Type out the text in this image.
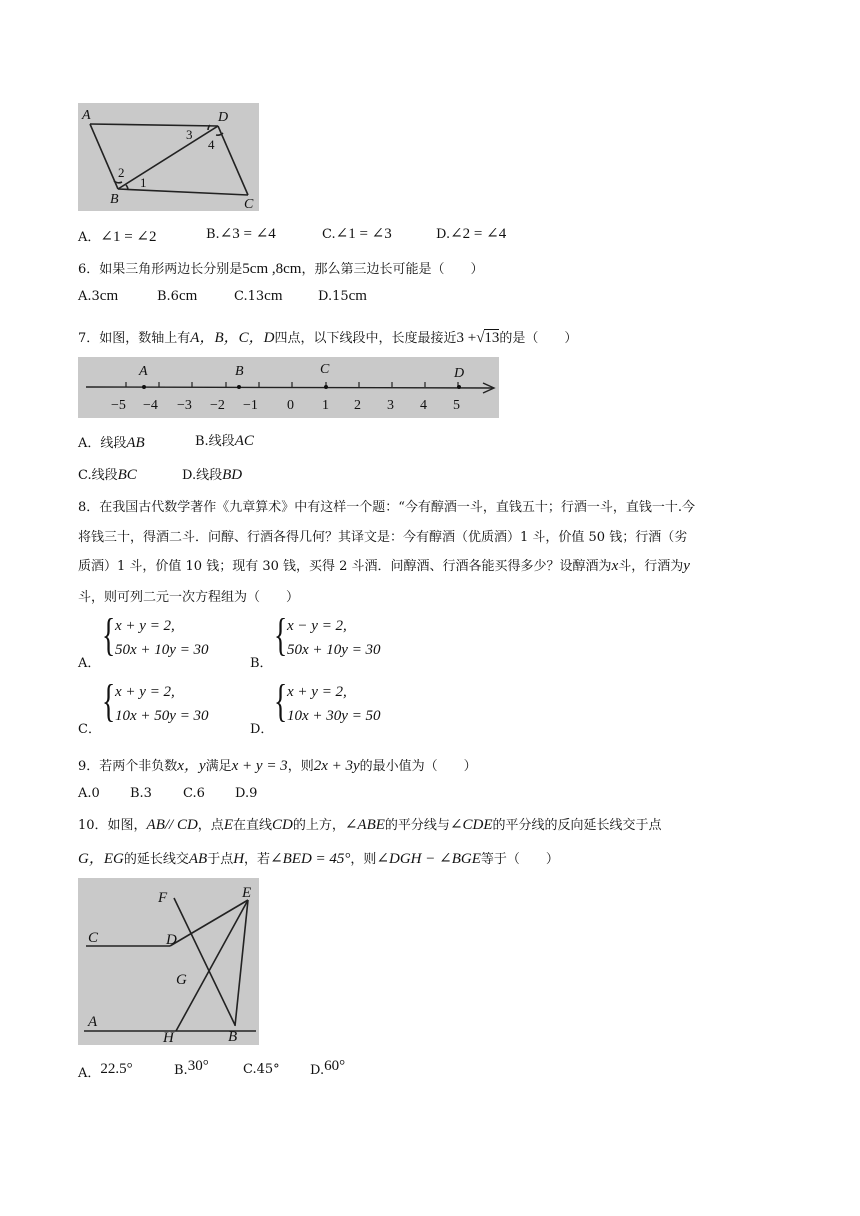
A	D
B	C
1
2
3
4
A．∠1 = ∠2	B.∠3 = ∠4	C.∠1 = ∠3	D.∠2 = ∠4
6．如果三角形两边长分别是5cm ,8cm，那么第三边长可能是（　　）
A.3cm	B.6cm	C.13cm	D.15cm
7．如图，数轴上有A，B，C，D四点，以下线段中，长度最接近3 +√13的是（　　）
A	B	C	D
−5 −4 −3 −2 −1 0 1 2 3 4 5
A．线段AB	B.线段AC
C.线段BC	D.线段BD
8．在我国古代数学著作《九章算术》中有这样一个题：“今有醇酒一斗，直钱五十；行酒一斗，直钱一十.今
将钱三十，得酒二斗．问醇、行酒各得几何？其译文是：今有醇酒（优质酒）1 斗，价值 50 钱；行酒（劣
质酒）1 斗，价值 10 钱；现有 30 钱，买得 2 斗酒．问醇酒、行酒各能买得多少？设醇酒为x斗，行酒为y
斗，则可列二元一次方程组为（　　）
A．
{ x + y = 2,
50x + 10y = 30
B．
{ x − y = 2,
50x + 10y = 30
C．
{ x + y = 2,
10x + 50y = 30
D．
{ x + y = 2,
10x + 30y = 50
9．若两个非负数x，y满足x + y = 3，则2x + 3y的最小值为（　　）
A.0 B.3 C.6 D.9
10．如图，AB// CD，点E在直线CD的上方，∠ABE的平分线与∠CDE的平分线的反向延长线交于点
G，EG的延长线交AB于点H，若∠BED = 45°，则∠DGH − ∠BGE等于（　　）
F	E
C	D
G
A
H	B
A．22.5°	B.30°	C.45° D.60°
